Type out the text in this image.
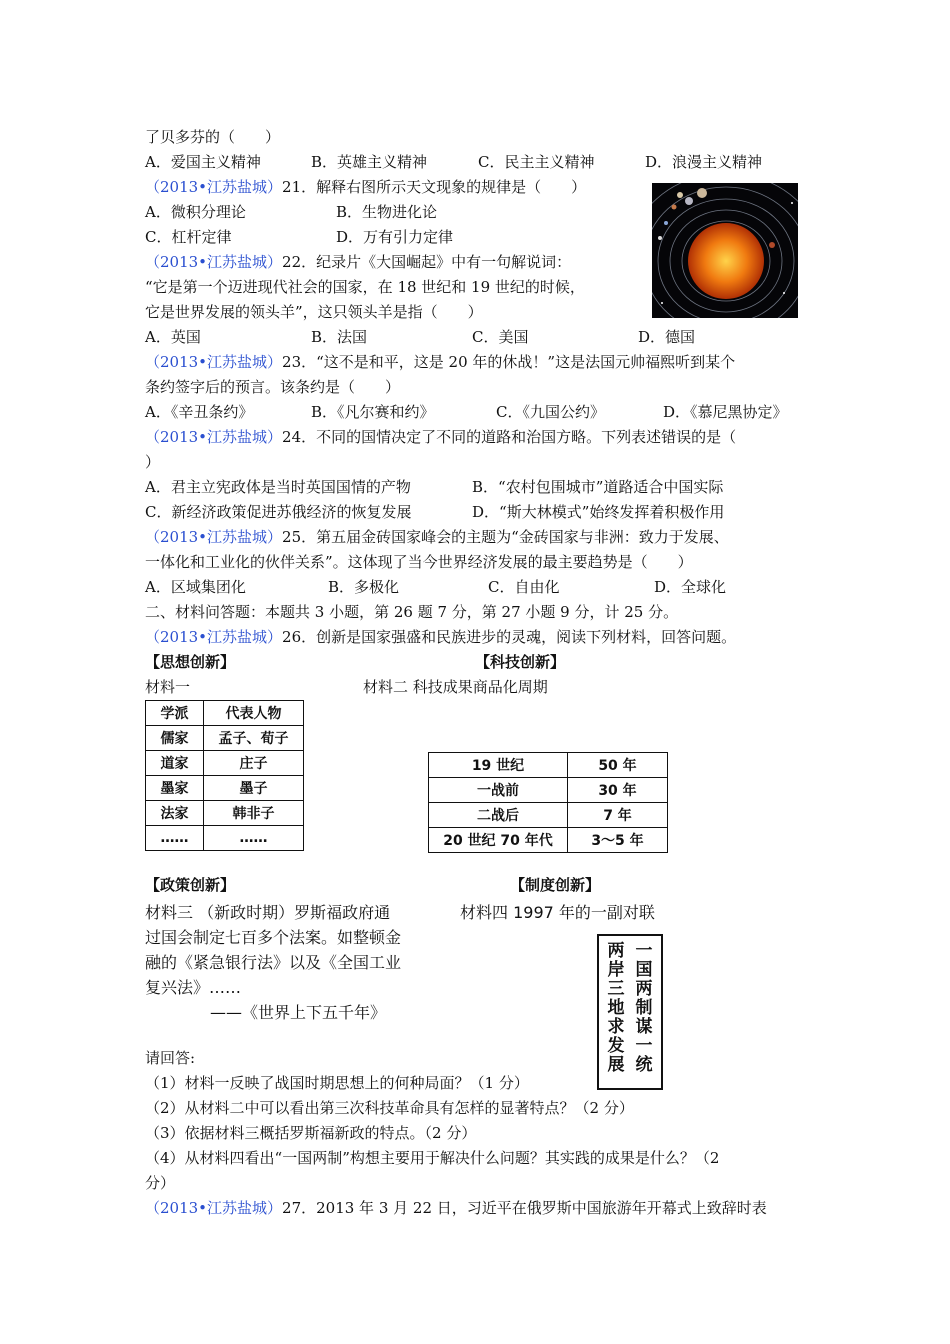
了贝多芬的（　　）
A．爱国主义精神	B．英雄主义精神	C．民主主义精神	D．浪漫主义精神
（2013•江苏盐城）21．解释右图所示天文现象的规律是（　　）
A．微积分理论	B．生物进化论
C．杠杆定律	D．万有引力定律
（2013•江苏盐城）22．纪录片《大国崛起》中有一句解说词：
“它是第一个迈进现代社会的国家，在 18 世纪和 19 世纪的时候，
它是世界发展的领头羊”，这只领头羊是指（　　）
A．英国	B．法国	C．美国	D．德国
（2013•江苏盐城）23．“这不是和平，这是 20 年的休战！”这是法国元帅福熙听到某个
条约签字后的预言。该条约是（　　）
A．《辛丑条约》	B．《凡尔赛和约》	C．《九国公约》	D．《慕尼黑协定》
（2013•江苏盐城）24．不同的国情决定了不同的道路和治国方略。下列表述错误的是（
）
A．君主立宪政体是当时英国国情的产物	B．“农村包围城市”道路适合中国实际
C．新经济政策促进苏俄经济的恢复发展	D．“斯大林模式”始终发挥着积极作用
（2013•江苏盐城）25．第五届金砖国家峰会的主题为“金砖国家与非洲：致力于发展、
一体化和工业化的伙伴关系”。这体现了当今世界经济发展的最主要趋势是（　　）
A．区域集团化	B．多极化	C．自由化	D．全球化
二、材料问答题：本题共 3 小题，第 26 题 7 分，第 27 小题 9 分，计 25 分。
（2013•江苏盐城）26．创新是国家强盛和民族进步的灵魂，阅读下列材料，回答问题。
【思想创新】	【科技创新】
材料一	材料二 科技成果商品化周期
学派	代表人物
儒家	孟子、荀子
道家	庄子
墨家	墨子
法家	韩非子
……	……
19 世纪	50 年
一战前	30 年
二战后	7 年
20 世纪 70 年代	3～5 年
【政策创新】	【制度创新】
材料三 （新政时期）罗斯福政府通
过国会制定七百多个法案。如整顿金
融的《紧急银行法》以及《全国工业
复兴法》……
——《世界上下五千年》
材料四 1997 年的一副对联
一
国
两
制
谋
一
统
两
岸
三
地
求
发
展
请回答:
（1）材料一反映了战国时期思想上的何种局面？（1 分）
（2）从材料二中可以看出第三次科技革命具有怎样的显著特点？（2 分）
（3）依据材料三概括罗斯福新政的特点。（2 分）
（4）从材料四看出“一国两制”构想主要用于解决什么问题？其实践的成果是什么？（2
分）
（2013•江苏盐城）27．2013 年 3 月 22 日，习近平在俄罗斯中国旅游年开幕式上致辞时表
